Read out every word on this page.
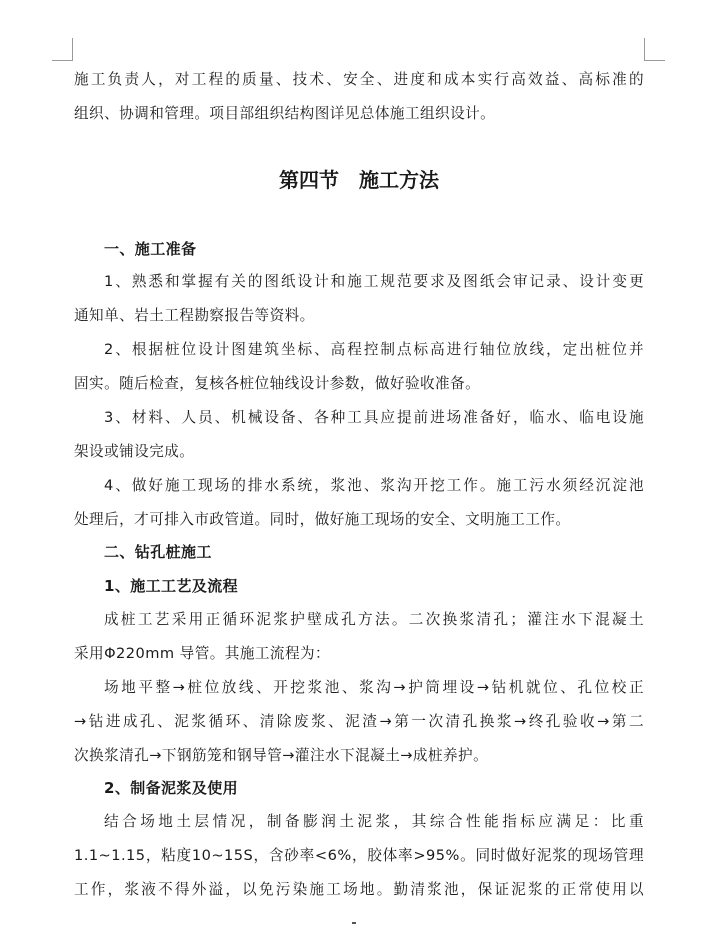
施工负责人，对工程的质量、技术、安全、进度和成本实行高效益、高标准的
组织、协调和管理。项目部组织结构图详见总体施工组织设计。
第四节　施工方法
一、施工准备
1、熟悉和掌握有关的图纸设计和施工规范要求及图纸会审记录、设计变更
通知单、岩土工程勘察报告等资料。
2、根据桩位设计图建筑坐标、高程控制点标高进行轴位放线，定出桩位并
固实。随后检查，复核各桩位轴线设计参数，做好验收准备。
3、材料、人员、机械设备、各种工具应提前进场准备好，临水、临电设施
架设或铺设完成。
4、做好施工现场的排水系统，浆池、浆沟开挖工作。施工污水须经沉淀池
处理后，才可排入市政管道。同时，做好施工现场的安全、文明施工工作。
二、钻孔桩施工
1、施工工艺及流程
成桩工艺采用正循环泥浆护壁成孔方法。二次换浆清孔；灌注水下混凝土
采用Φ220mm 导管。其施工流程为：
场地平整→桩位放线、开挖浆池、浆沟→护筒埋设→钻机就位、孔位校正
→钻进成孔、泥浆循环、清除废浆、泥渣→第一次清孔换浆→终孔验收→第二
次换浆清孔→下钢筋笼和钢导管→灌注水下混凝土→成桩养护。
2、制备泥浆及使用
结合场地土层情况，制备膨润土泥浆，其综合性能指标应满足：比重
1.1~1.15，粘度10~15S，含砂率<6%，胶体率>95%。同时做好泥浆的现场管理
工作，浆液不得外溢，以免污染施工场地。勤清浆池，保证泥浆的正常使用以
